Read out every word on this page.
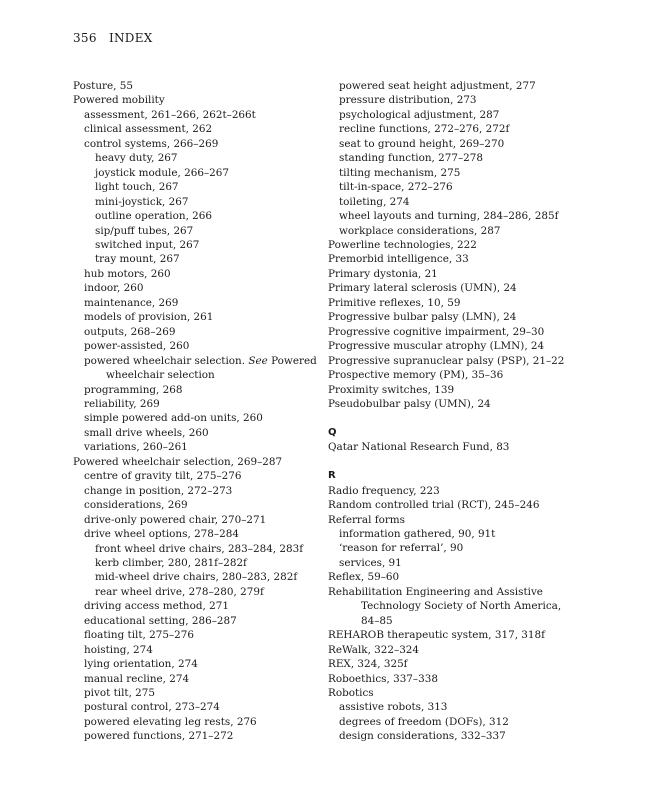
356 INDEX
Posture, 55
Powered mobility
assessment, 261–266, 262t–266t
clinical assessment, 262
control systems, 266–269
heavy duty, 267
joystick module, 266–267
light touch, 267
mini-joystick, 267
outline operation, 266
sip/puff tubes, 267
switched input, 267
tray mount, 267
hub motors, 260
indoor, 260
maintenance, 269
models of provision, 261
outputs, 268–269
power-assisted, 260
powered wheelchair selection. See Powered
wheelchair selection
programming, 268
reliability, 269
simple powered add-on units, 260
small drive wheels, 260
variations, 260–261
Powered wheelchair selection, 269–287
centre of gravity tilt, 275–276
change in position, 272–273
considerations, 269
drive-only powered chair, 270–271
drive wheel options, 278–284
front wheel drive chairs, 283–284, 283f
kerb climber, 280, 281f–282f
mid-wheel drive chairs, 280–283, 282f
rear wheel drive, 278–280, 279f
driving access method, 271
educational setting, 286–287
floating tilt, 275–276
hoisting, 274
lying orientation, 274
manual recline, 274
pivot tilt, 275
postural control, 273–274
powered elevating leg rests, 276
powered functions, 271–272
powered seat height adjustment, 277
pressure distribution, 273
psychological adjustment, 287
recline functions, 272–276, 272f
seat to ground height, 269–270
standing function, 277–278
tilting mechanism, 275
tilt-in-space, 272–276
toileting, 274
wheel layouts and turning, 284–286, 285f
workplace considerations, 287
Powerline technologies, 222
Premorbid intelligence, 33
Primary dystonia, 21
Primary lateral sclerosis (UMN), 24
Primitive reflexes, 10, 59
Progressive bulbar palsy (LMN), 24
Progressive cognitive impairment, 29–30
Progressive muscular atrophy (LMN), 24
Progressive supranuclear palsy (PSP), 21–22
Prospective memory (PM), 35–36
Proximity switches, 139
Pseudobulbar palsy (UMN), 24
Q
Qatar National Research Fund, 83
R
Radio frequency, 223
Random controlled trial (RCT), 245–246
Referral forms
information gathered, 90, 91t
‘reason for referral’, 90
services, 91
Reflex, 59–60
Rehabilitation Engineering and Assistive
Technology Society of North America,
84–85
REHAROB therapeutic system, 317, 318f
ReWalk, 322–324
REX, 324, 325f
Roboethics, 337–338
Robotics
assistive robots, 313
degrees of freedom (DOFs), 312
design considerations, 332–337
